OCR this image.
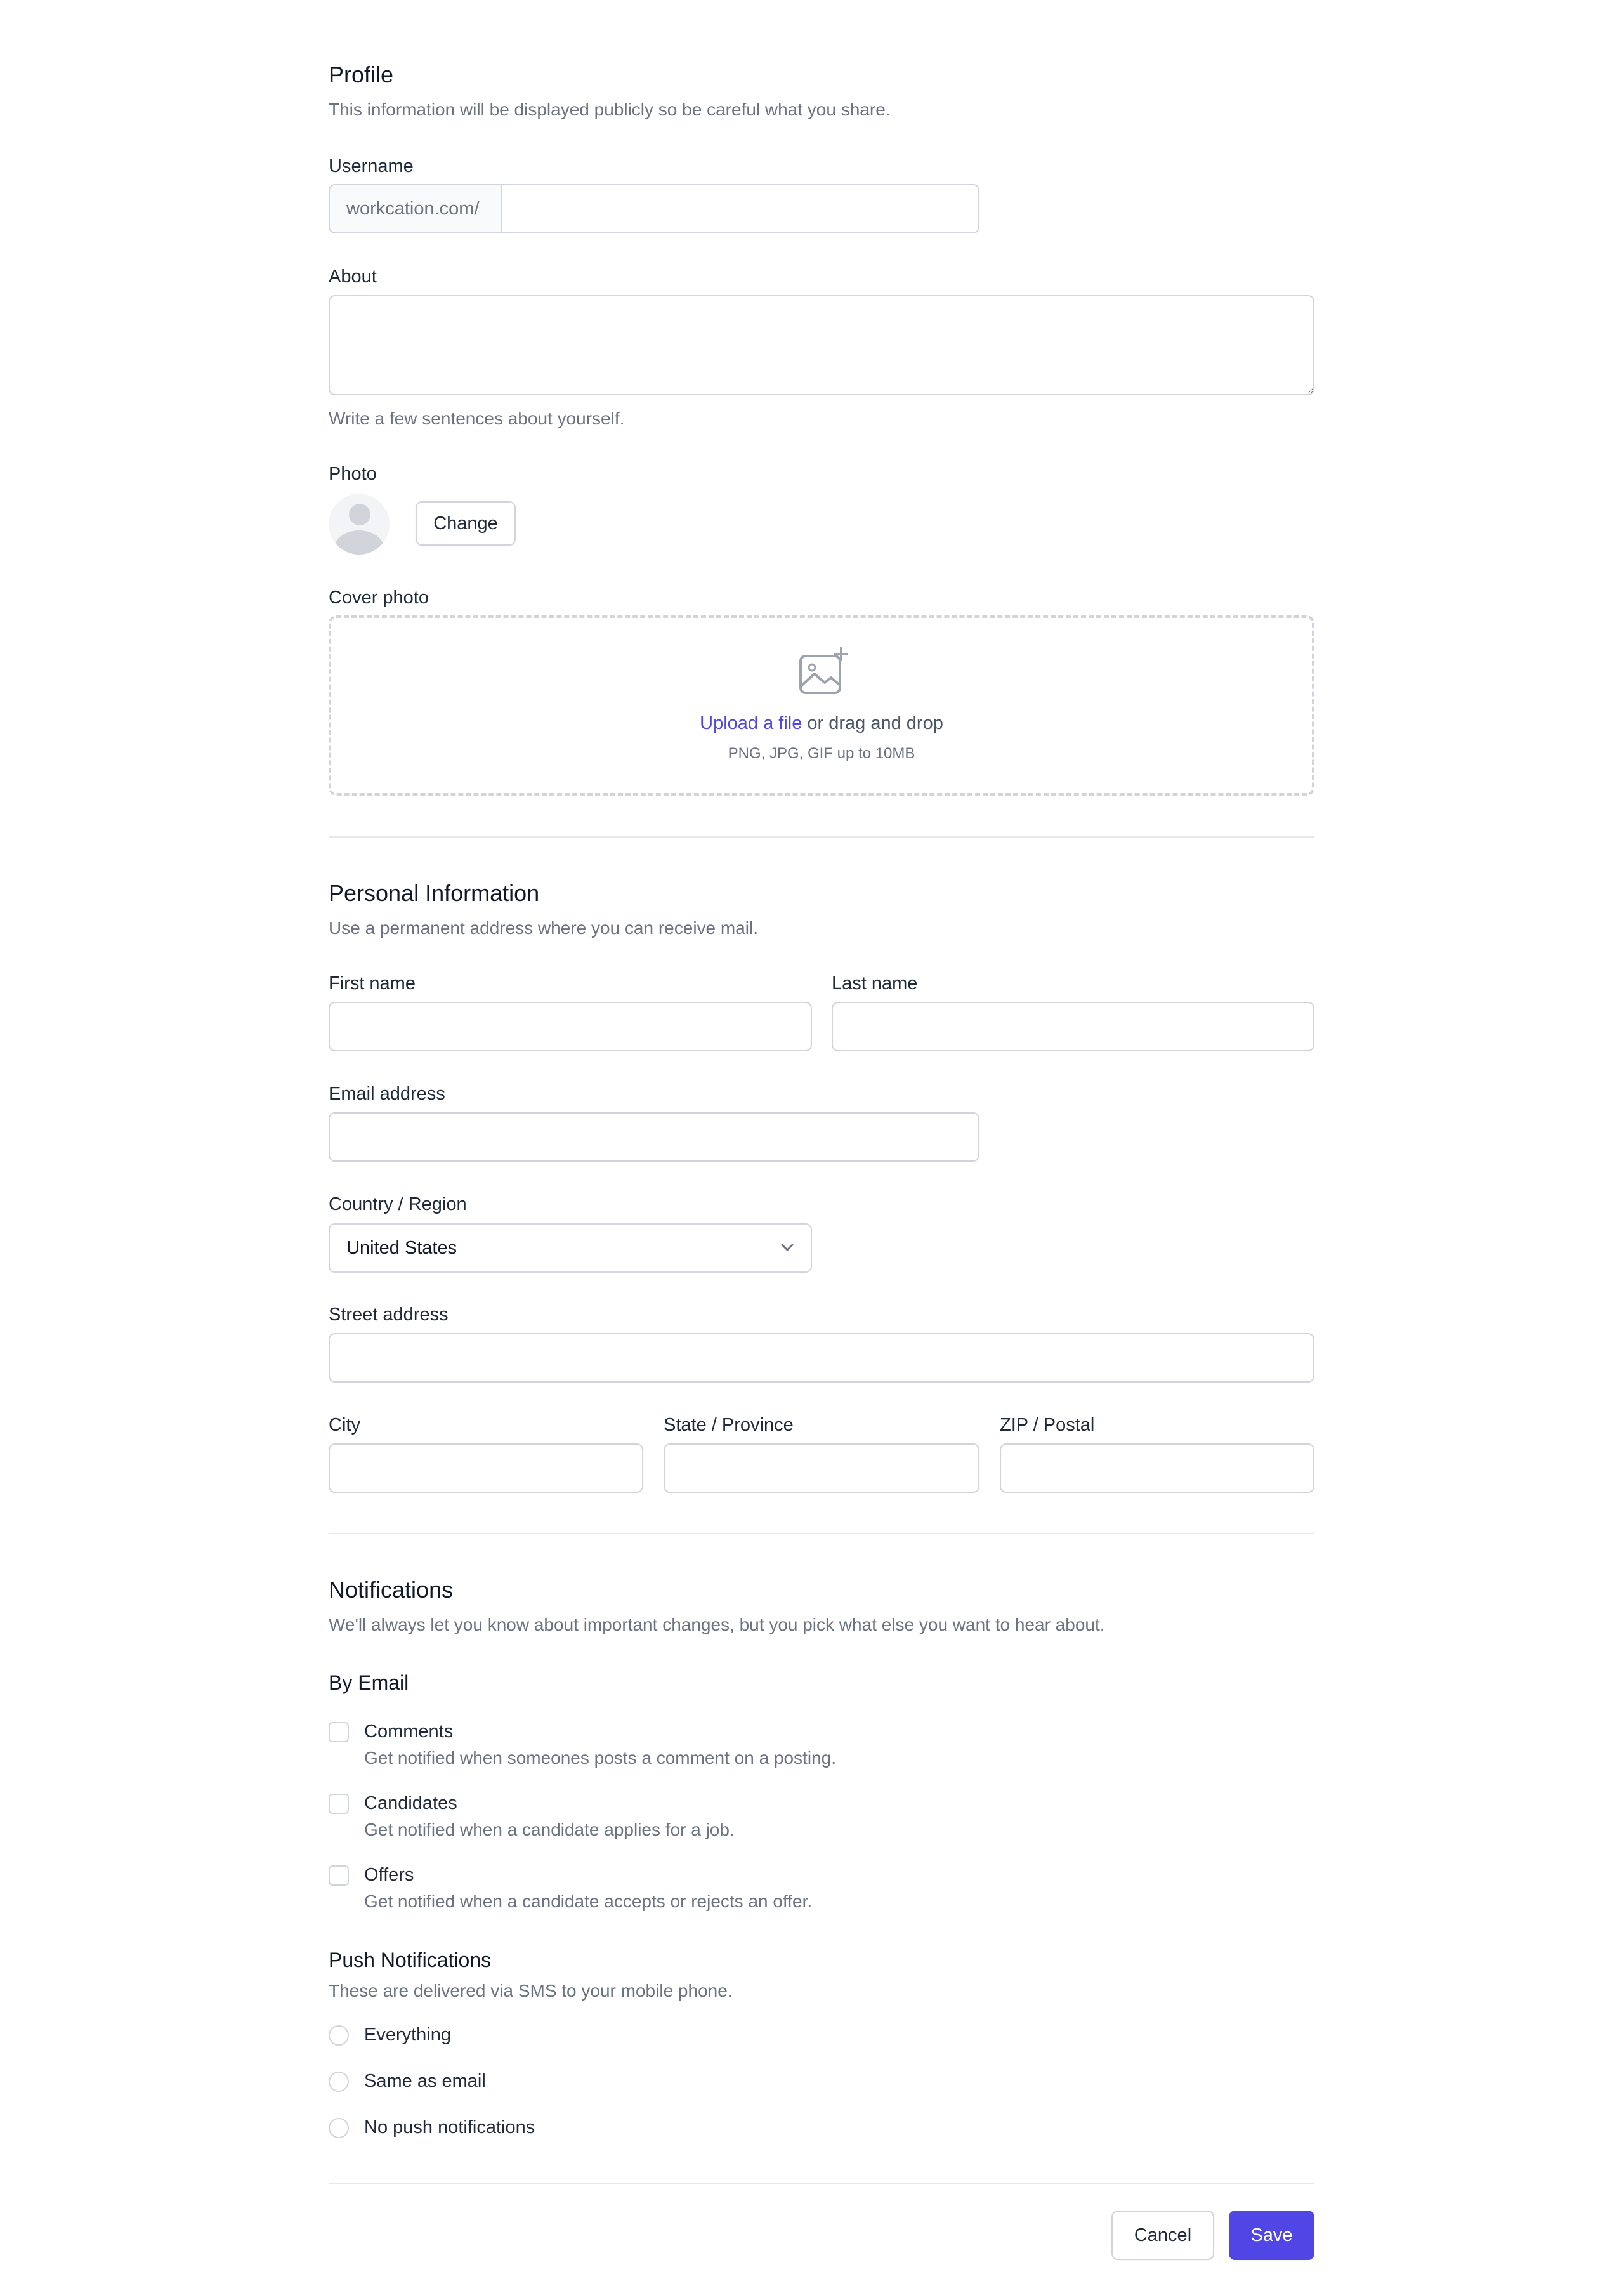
Profile
This information will be displayed publicly so be careful what you share.
Username
workcation.com/
About
Write a few sentences about yourself.
Photo
Change
Cover photo
Upload a file or drag and drop
PNG, JPG, GIF up to 10MB
Personal Information
Use a permanent address where you can receive mail.
First name	Last name
Email address
Country / Region
United States
Street address
City	State / Province	ZIP / Postal
Notifications
We'll always let you know about important changes, but you pick what else you want to hear about.
By Email
Comments
Get notified when someones posts a comment on a posting.
Candidates
Get notified when a candidate applies for a job.
Offers
Get notified when a candidate accepts or rejects an offer.
Push Notifications
These are delivered via SMS to your mobile phone.
Everything
Same as email
No push notifications
Cancel	Save
